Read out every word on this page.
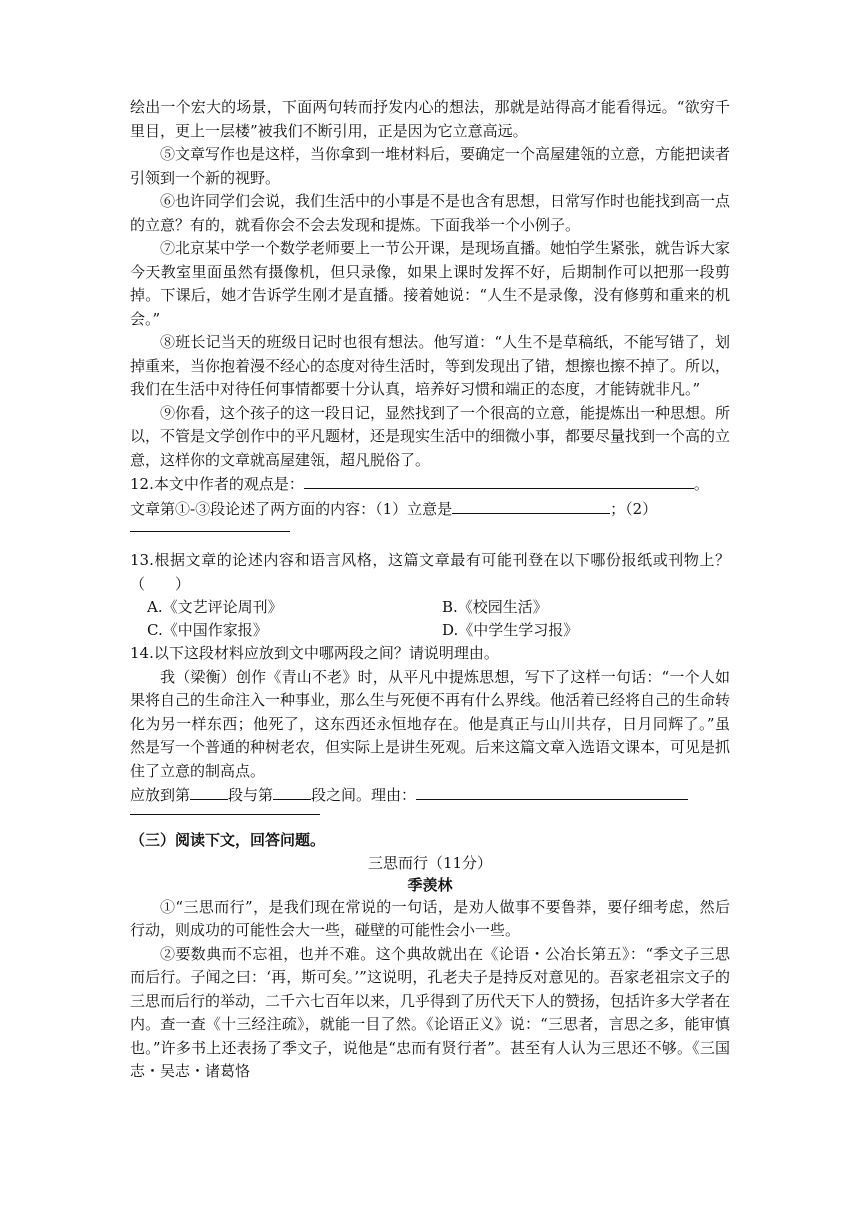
绘出一个宏大的场景，下面两句转而抒发内心的想法，那就是站得高才能看得远。“欲穷千里目，更上一层楼”被我们不断引用，正是因为它立意高远。

⑤文章写作也是这样，当你拿到一堆材料后，要确定一个高屋建瓴的立意，方能把读者引领到一个新的视野。

⑥也许同学们会说，我们生活中的小事是不是也含有思想，日常写作时也能找到高一点的立意？有的，就看你会不会去发现和提炼。下面我举一个小例子。

⑦北京某中学一个数学老师要上一节公开课，是现场直播。她怕学生紧张，就告诉大家今天教室里面虽然有摄像机，但只录像，如果上课时发挥不好，后期制作可以把那一段剪掉。下课后，她才告诉学生刚才是直播。接着她说：“人生不是录像，没有修剪和重来的机会。”

⑧班长记当天的班级日记时也很有想法。他写道：“人生不是草稿纸，不能写错了，划掉重来，当你抱着漫不经心的态度对待生活时，等到发现出了错，想擦也擦不掉了。所以，我们在生活中对待任何事情都要十分认真，培养好习惯和端正的态度，才能铸就非凡。”

⑨你看，这个孩子的这一段日记，显然找到了一个很高的立意，能提炼出一种思想。所以，不管是文学创作中的平凡题材，还是现实生活中的细微小事，都要尽量找到一个高的立意，这样你的文章就高屋建瓴，超凡脱俗了。

12.本文中作者的观点是：	。
文章第①-③段论述了两方面的内容：（1）立意是	；（2）

13.根据文章的论述内容和语言风格，这篇文章最有可能刊登在以下哪份报纸或刊物上？（　　）

A.《文艺评论周刊》	B.《校园生活》
C.《中国作家报》	D.《中学生学习报》

14.以下这段材料应放到文中哪两段之间？请说明理由。

我（梁衡）创作《青山不老》时，从平凡中提炼思想，写下了这样一句话：“一个人如果将自己的生命注入一种事业，那么生与死便不再有什么界线。他活着已经将自己的生命转化为另一样东西；他死了，这东西还永恒地存在。他是真正与山川共存，日月同辉了。”虽然是写一个普通的种树老农，但实际上是讲生死观。后来这篇文章入选语文课本，可见是抓住了立意的制高点。

应放到第	段与第	段之间。理由：

（三）阅读下文，回答问题。

三思而行（11分）

季羡林

①“三思而行”，是我们现在常说的一句话，是劝人做事不要鲁莽，要仔细考虑，然后行动，则成功的可能性会大一些，碰壁的可能性会小一些。

②要数典而不忘祖，也并不难。这个典故就出在《论语・公冶长第五》：“季文子三思而后行。子闻之曰：‘再，斯可矣。’”这说明，孔老夫子是持反对意见的。吾家老祖宗文子的三思而后行的举动，二千六七百年以来，几乎得到了历代天下人的赞扬，包括许多大学者在内。查一查《十三经注疏》，就能一目了然。《论语正义》说：“三思者，言思之多，能审慎也。”许多书上还表扬了季文子，说他是“忠而有贤行者”。甚至有人认为三思还不够。《三国志・吴志・诸葛恪
